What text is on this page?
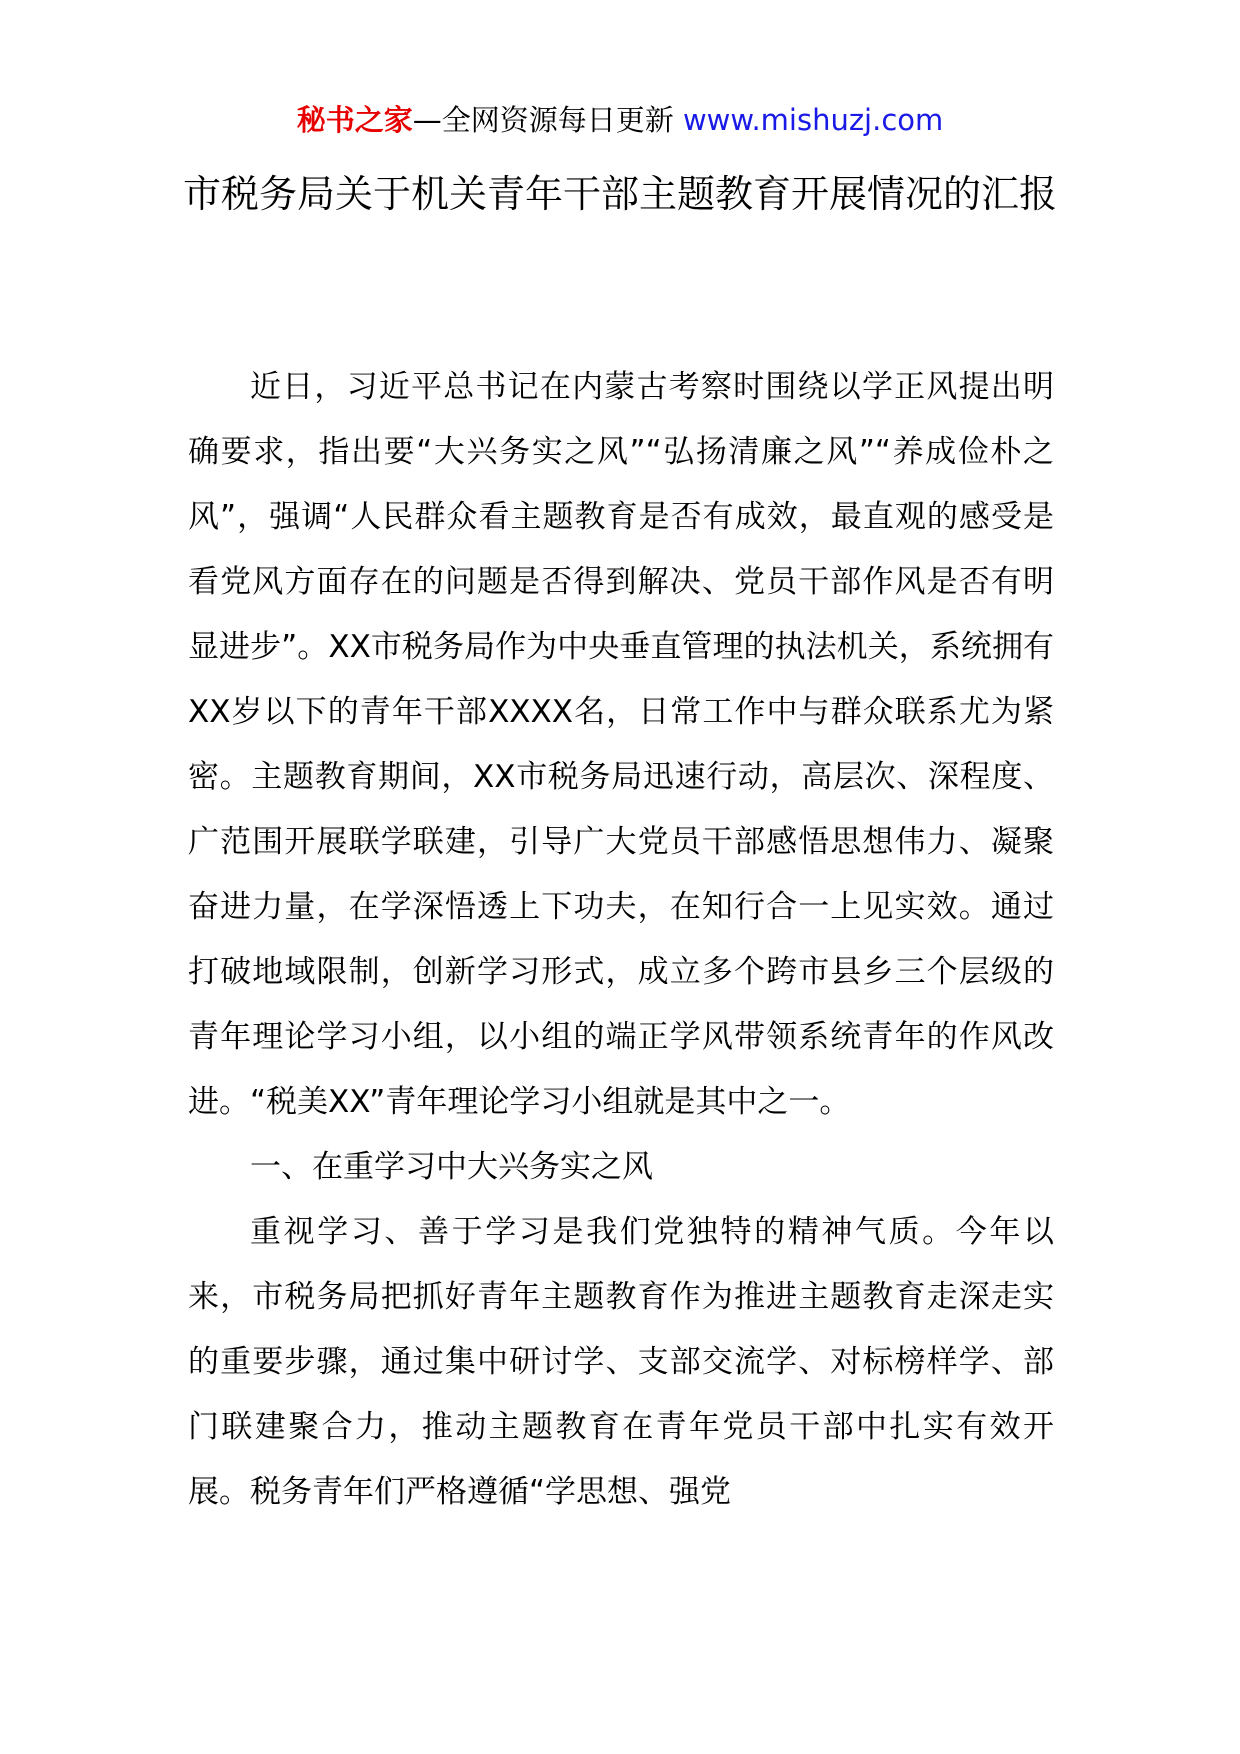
秘书之家—全网资源每日更新 www.mishuzj.com
市税务局关于机关青年干部主题教育开展情况的汇报

近日，习近平总书记在内蒙古考察时围绕以学正风提出明确要求，指出要“大兴务实之风”“弘扬清廉之风”“养成俭朴之风”，强调“人民群众看主题教育是否有成效，最直观的感受是看党风方面存在的问题是否得到解决、党员干部作风是否有明显进步”。XX市税务局作为中央垂直管理的执法机关，系统拥有XX岁以下的青年干部XXXX名，日常工作中与群众联系尤为紧密。主题教育期间，XX市税务局迅速行动，高层次、深程度、广范围开展联学联建，引导广大党员干部感悟思想伟力、凝聚奋进力量，在学深悟透上下功夫，在知行合一上见实效。通过打破地域限制，创新学习形式，成立多个跨市县乡三个层级的青年理论学习小组，以小组的端正学风带领系统青年的作风改进。“税美XX”青年理论学习小组就是其中之一。

一、在重学习中大兴务实之风

重视学习、善于学习是我们党独特的精神气质。今年以来，市税务局把抓好青年主题教育作为推进主题教育走深走实的重要步骤，通过集中研讨学、支部交流学、对标榜样学、部门联建聚合力，推动主题教育在青年党员干部中扎实有效开展。税务青年们严格遵循“学思想、强党
